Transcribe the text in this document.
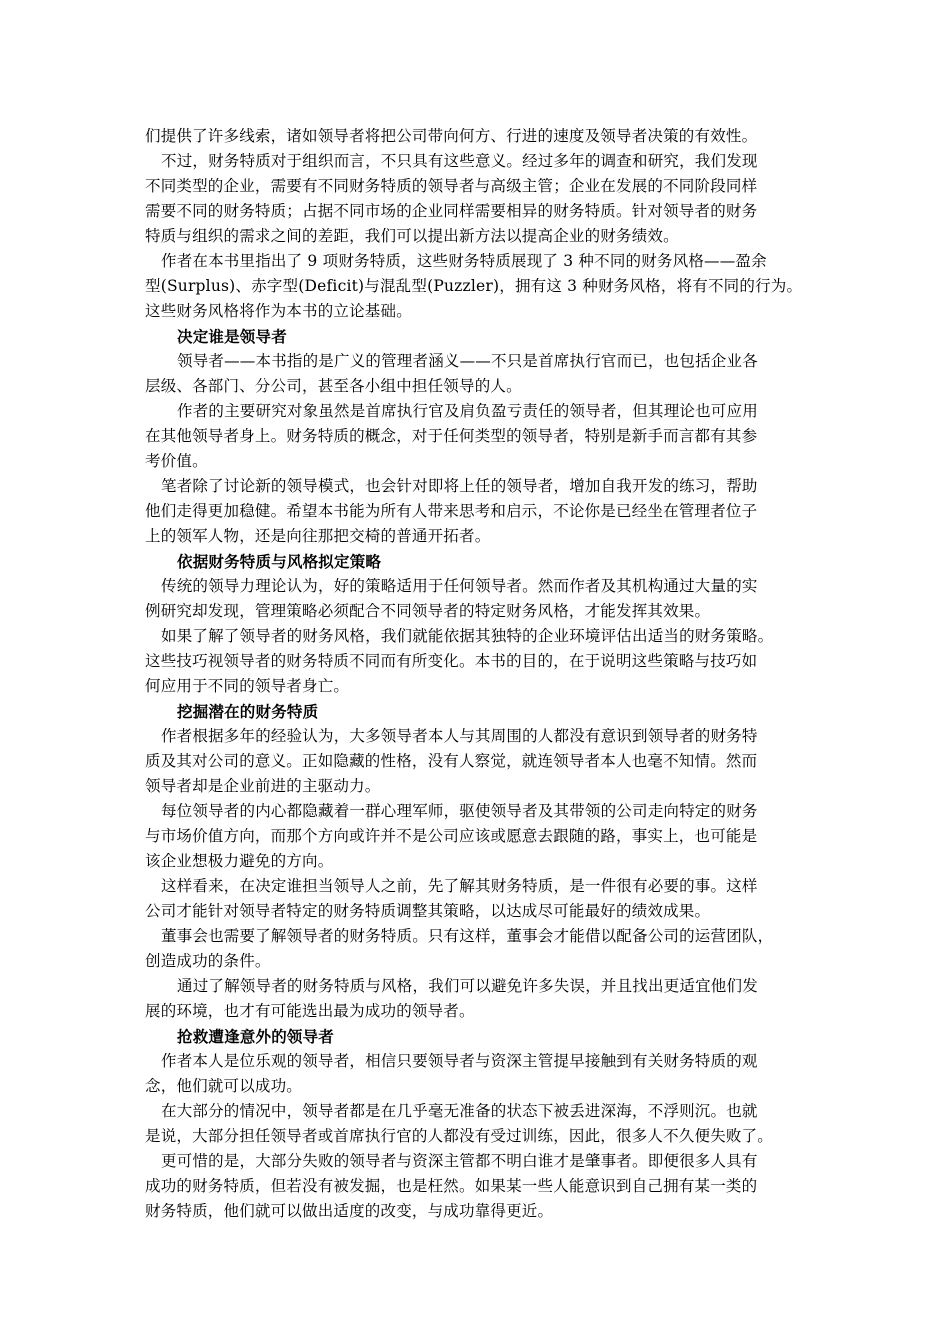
们提供了许多线索，诸如领导者将把公司带向何方、行进的速度及领导者决策的有效性。
不过，财务特质对于组织而言，不只具有这些意义。经过多年的调查和研究，我们发现
不同类型的企业，需要有不同财务特质的领导者与高级主管；企业在发展的不同阶段同样
需要不同的财务特质；占据不同市场的企业同样需要相异的财务特质。针对领导者的财务
特质与组织的需求之间的差距，我们可以提出新方法以提高企业的财务绩效。
作者在本书里指出了 9 项财务特质，这些财务特质展现了 3 种不同的财务风格——盈余
型(Surplus)、赤字型(Deficit)与混乱型(Puzzler)，拥有这 3 种财务风格，将有不同的行为。
这些财务风格将作为本书的立论基础。
决定谁是领导者
领导者——本书指的是广义的管理者涵义——不只是首席执行官而已，也包括企业各
层级、各部门、分公司，甚至各小组中担任领导的人。
作者的主要研究对象虽然是首席执行官及肩负盈亏责任的领导者，但其理论也可应用
在其他领导者身上。财务特质的概念，对于任何类型的领导者，特别是新手而言都有其参
考价值。
笔者除了讨论新的领导模式，也会针对即将上任的领导者，增加自我开发的练习，帮助
他们走得更加稳健。希望本书能为所有人带来思考和启示，不论你是已经坐在管理者位子
上的领军人物，还是向往那把交椅的普通开拓者。
依据财务特质与风格拟定策略
传统的领导力理论认为，好的策略适用于任何领导者。然而作者及其机构通过大量的实
例研究却发现，管理策略必须配合不同领导者的特定财务风格，才能发挥其效果。
如果了解了领导者的财务风格，我们就能依据其独特的企业环境评估出适当的财务策略。
这些技巧视领导者的财务特质不同而有所变化。本书的目的，在于说明这些策略与技巧如
何应用于不同的领导者身亡。
挖掘潜在的财务特质
作者根据多年的经验认为，大多领导者本人与其周围的人都没有意识到领导者的财务特
质及其对公司的意义。正如隐藏的性格，没有人察觉，就连领导者本人也毫不知情。然而
领导者却是企业前进的主驱动力。
每位领导者的内心都隐藏着一群心理军师，驱使领导者及其带领的公司走向特定的财务
与市场价值方向，而那个方向或许并不是公司应该或愿意去跟随的路，事实上，也可能是
该企业想极力避免的方向。
这样看来，在决定谁担当领导人之前，先了解其财务特质，是一件很有必要的事。这样
公司才能针对领导者特定的财务特质调整其策略，以达成尽可能最好的绩效成果。
董事会也需要了解领导者的财务特质。只有这样，董事会才能借以配备公司的运营团队，
创造成功的条件。
通过了解领导者的财务特质与风格，我们可以避免许多失误，并且找出更适宜他们发
展的环境，也才有可能选出最为成功的领导者。
抢救遭逢意外的领导者
作者本人是位乐观的领导者，相信只要领导者与资深主管提早接触到有关财务特质的观
念，他们就可以成功。
在大部分的情况中，领导者都是在几乎毫无准备的状态下被丢进深海，不浮则沉。也就
是说，大部分担任领导者或首席执行官的人都没有受过训练，因此，很多人不久便失败了。
更可惜的是，大部分失败的领导者与资深主管都不明白谁才是肇事者。即便很多人具有
成功的财务特质，但若没有被发掘，也是枉然。如果某一些人能意识到自己拥有某一类的
财务特质，他们就可以做出适度的改变，与成功靠得更近。
